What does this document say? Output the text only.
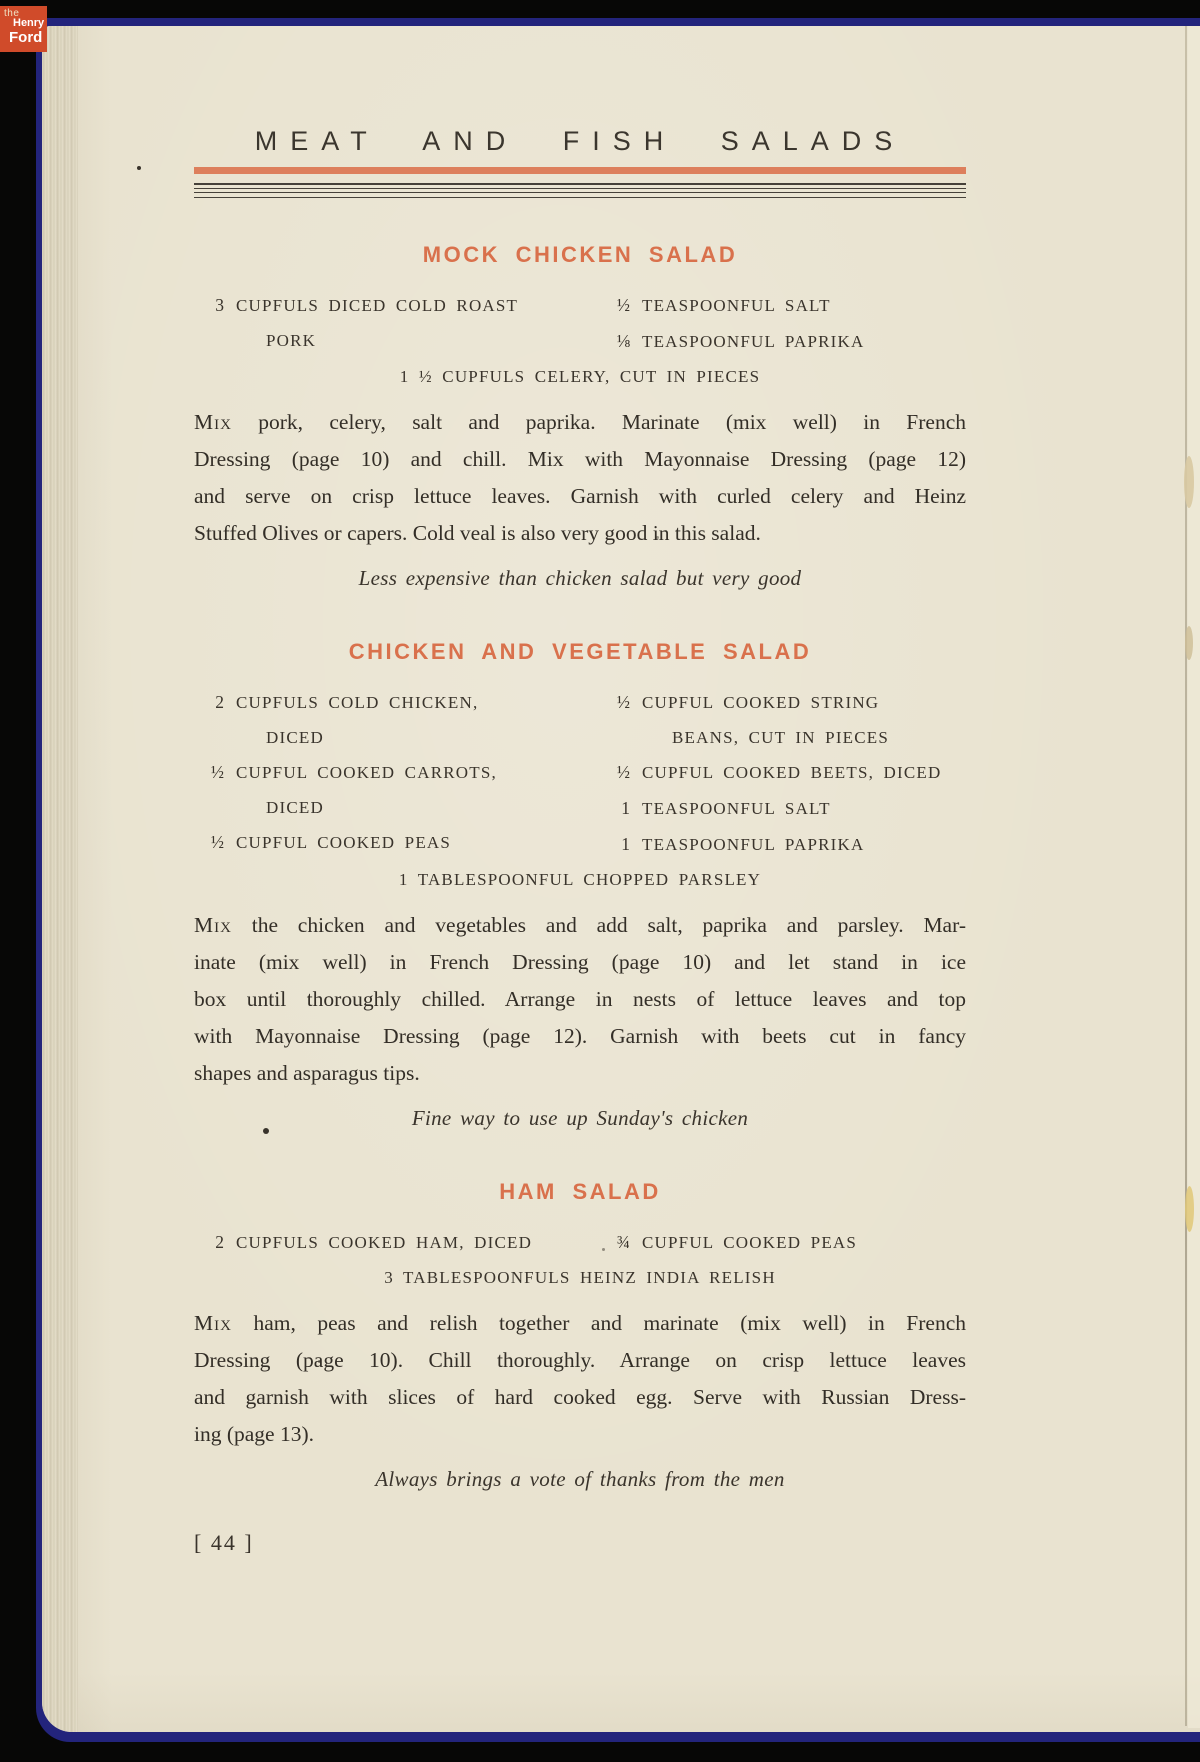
MEAT AND FISH SALADS
MOCK CHICKEN SALAD
3 CUPFULS DICED COLD ROAST
PORK
½ TEASPOONFUL SALT
⅛ TEASPOONFUL PAPRIKA
1 ½ CUPFULS CELERY, CUT IN PIECES
Mix pork, celery, salt and paprika. Marinate (mix well) in French
Dressing (page 10) and chill. Mix with Mayonnaise Dressing (page 12)
and serve on crisp lettuce leaves. Garnish with curled celery and Heinz
Stuffed Olives or capers. Cold veal is also very good in this salad.
Less expensive than chicken salad but very good
CHICKEN AND VEGETABLE SALAD
2 CUPFULS COLD CHICKEN,
DICED
½ CUPFUL COOKED CARROTS,
DICED
½ CUPFUL COOKED PEAS
½ CUPFUL COOKED STRING
BEANS, CUT IN PIECES
½ CUPFUL COOKED BEETS, DICED
1 TEASPOONFUL SALT
1 TEASPOONFUL PAPRIKA
1 TABLESPOONFUL CHOPPED PARSLEY
Mix the chicken and vegetables and add salt, paprika and parsley. Mar-
inate (mix well) in French Dressing (page 10) and let stand in ice
box until thoroughly chilled. Arrange in nests of lettuce leaves and top
with Mayonnaise Dressing (page 12). Garnish with beets cut in fancy
shapes and asparagus tips.
Fine way to use up Sunday's chicken
HAM SALAD
2 CUPFULS COOKED HAM, DICED	¾ CUPFUL COOKED PEAS
3 TABLESPOONFULS HEINZ INDIA RELISH
Mix ham, peas and relish together and marinate (mix well) in French
Dressing (page 10). Chill thoroughly. Arrange on crisp lettuce leaves
and garnish with slices of hard cooked egg. Serve with Russian Dress-
ing (page 13).
Always brings a vote of thanks from the men
[ 44 ]
the
Henry
Ford
